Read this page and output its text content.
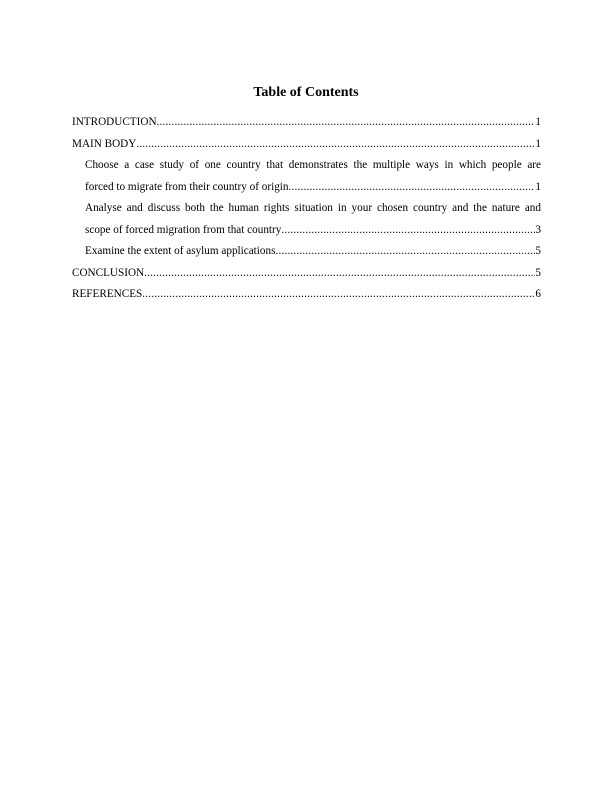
Table of Contents
INTRODUCTION .....	1
MAIN BODY .....	1
Choose a case study of one country that demonstrates the multiple ways in which people are
forced to migrate from their country of origin .....	1
Analyse and discuss both the human rights situation in your chosen country and the nature and
scope of forced migration from that country .....	3
Examine the extent of asylum applications .....	5
CONCLUSION .....	5
REFERENCES .....	6
